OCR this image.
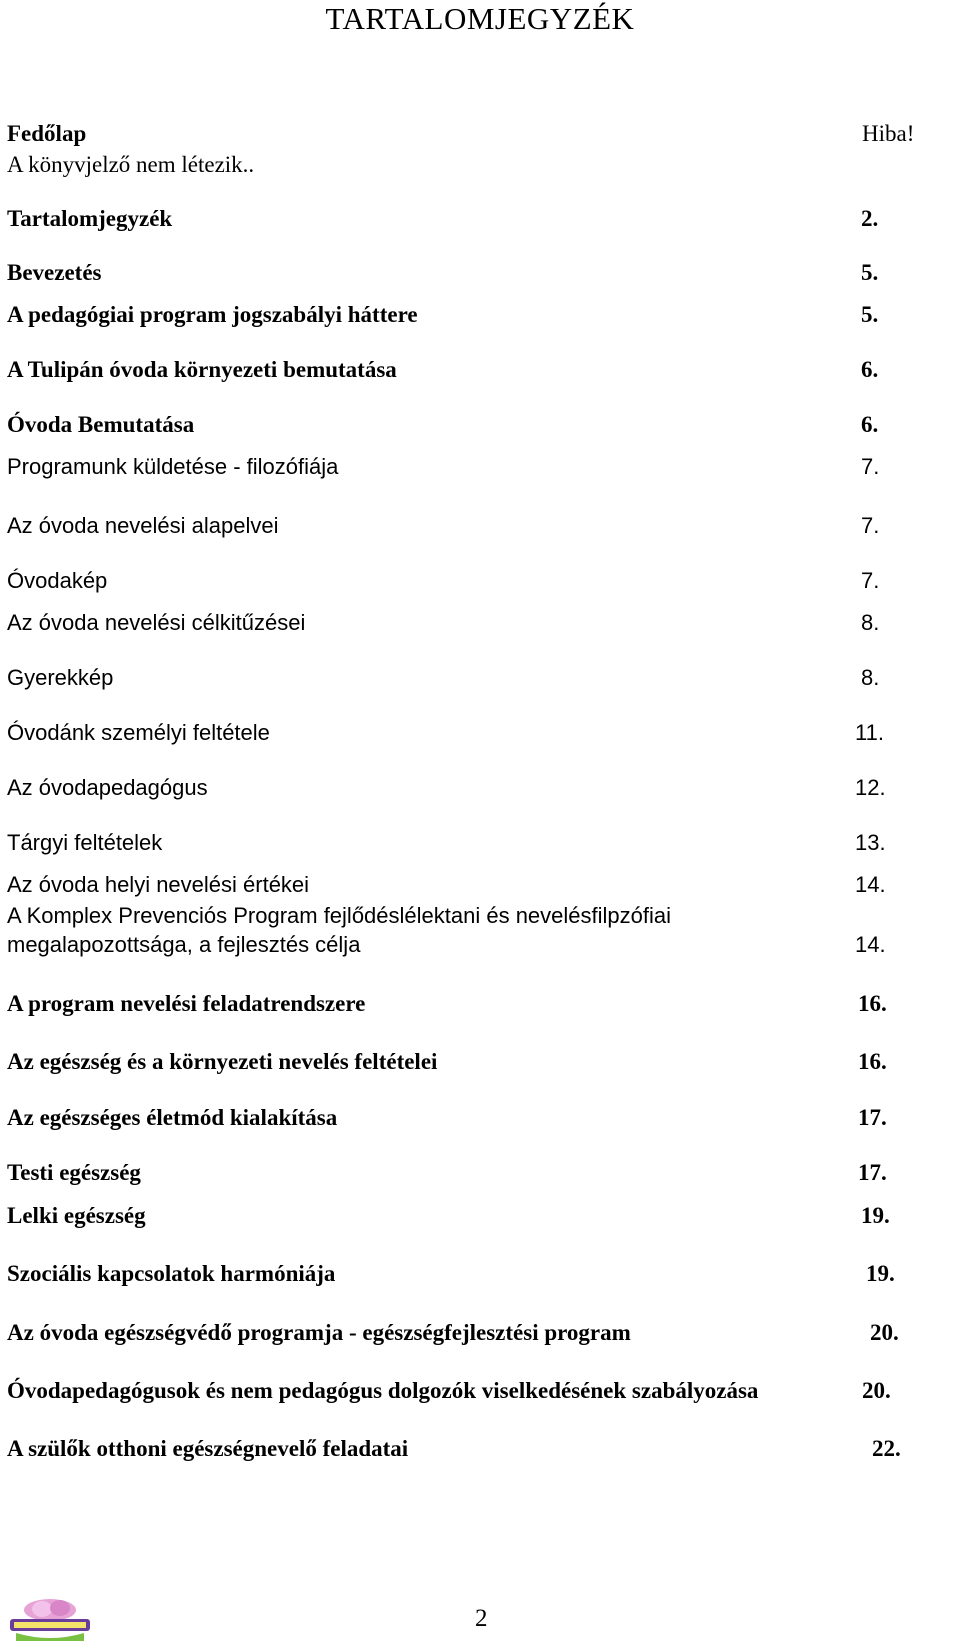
TARTALOMJEGYZÉK
Fedőlap	Hiba!
A könyvjelző nem létezik..
Tartalomjegyzék	2.
Bevezetés	5.
A pedagógiai program jogszabályi háttere	5.
A Tulipán óvoda környezeti bemutatása	6.
Óvoda Bemutatása	6.
Programunk küldetése - filozófiája	7.
Az óvoda nevelési alapelvei	7.
Óvodakép	7.
Az óvoda nevelési célkitűzései	8.
Gyerekkép	8.
Óvodánk személyi feltétele	11.
Az óvodapedagógus	12.
Tárgyi feltételek	13.
Az óvoda helyi nevelési értékei	14.
A Komplex Prevenciós Program fejlődéslélektani és nevelésfilpzófiai
megalapozottsága, a fejlesztés célja	14.
A program nevelési feladatrendszere	16.
Az egészség és a környezeti nevelés feltételei	16.
Az egészséges életmód kialakítása	17.
Testi egészség	17.
Lelki egészség	19.
Szociális kapcsolatok harmóniája	19.
Az óvoda egészségvédő programja - egészségfejlesztési program	20.
Óvodapedagógusok és nem pedagógus dolgozók viselkedésének szabályozása	20.
A szülők otthoni egészségnevelő feladatai	22.
2
